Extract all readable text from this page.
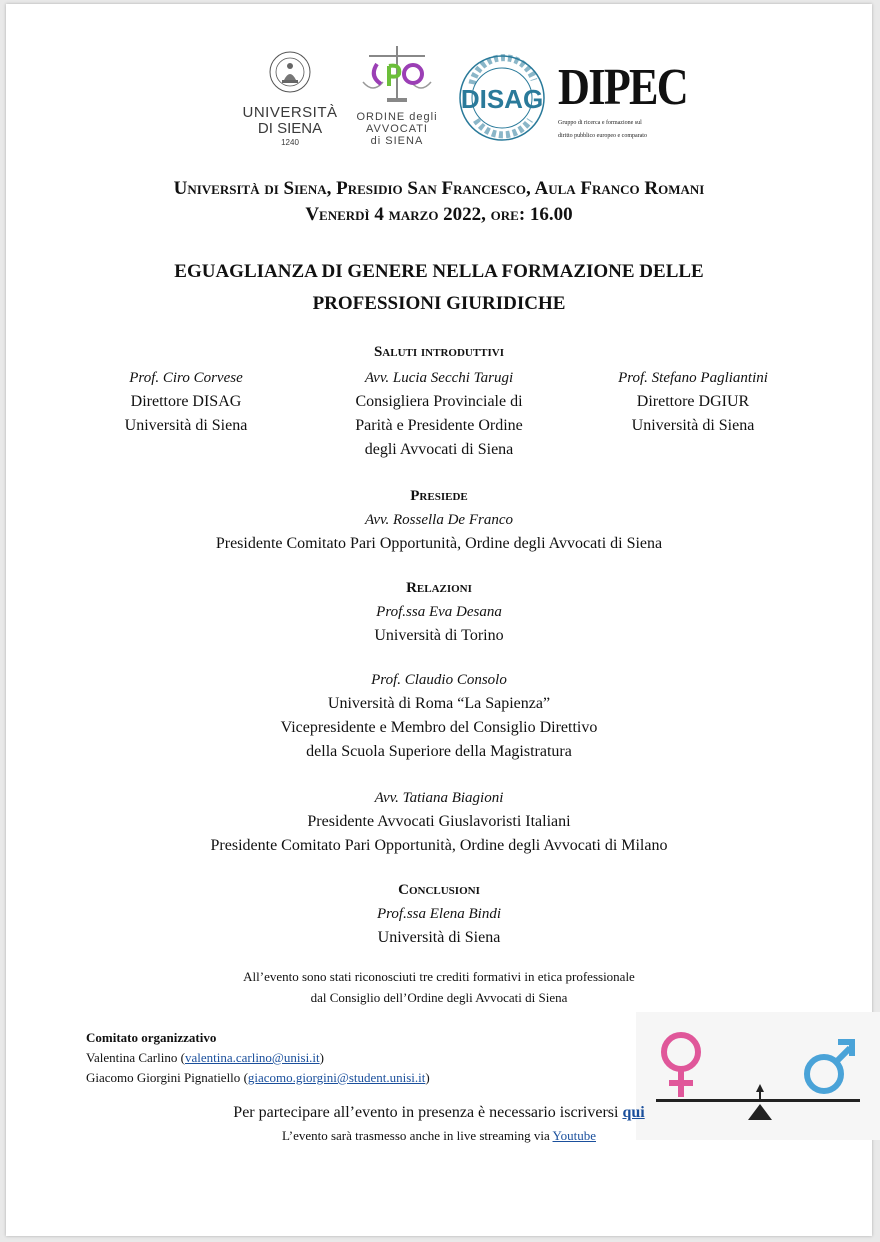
UNIVERSITÀ
DI SIENA
1240
ORDINE degli
AVVOCATI
di SIENA
DISAG DIPEC
Gruppo di ricerca e formazione sul
diritto pubblico europeo e comparato
Università di Siena, Presidio San Francesco, Aula Franco Romani
Venerdì 4 marzo 2022, ore: 16.00
EGUAGLIANZA DI GENERE NELLA FORMAZIONE DELLE
PROFESSIONI GIURIDICHE
Saluti introduttivi
Prof. Ciro Corvese
Direttore DISAG
Università di Siena
Avv. Lucia Secchi Tarugi
Consigliera Provinciale di
Parità e Presidente Ordine
degli Avvocati di Siena
Prof. Stefano Pagliantini
Direttore DGIUR
Università di Siena
Presiede
Avv. Rossella De Franco
Presidente Comitato Pari Opportunità, Ordine degli Avvocati di Siena
Relazioni
Prof.ssa Eva Desana
Università di Torino
Prof. Claudio Consolo
Università di Roma “La Sapienza”
Vicepresidente e Membro del Consiglio Direttivo
della Scuola Superiore della Magistratura
Avv. Tatiana Biagioni
Presidente Avvocati Giuslavoristi Italiani
Presidente Comitato Pari Opportunità, Ordine degli Avvocati di Milano
Conclusioni
Prof.ssa Elena Bindi
Università di Siena
All’evento sono stati riconosciuti tre crediti formativi in etica professionale
dal Consiglio dell’Ordine degli Avvocati di Siena
Comitato organizzativo
Valentina Carlino (valentina.carlino@unisi.it)
Giacomo Giorgini Pignatiello (giacomo.giorgini@student.unisi.it)
Per partecipare all’evento in presenza è necessario iscriversi qui
L’evento sarà trasmesso anche in live streaming via Youtube
